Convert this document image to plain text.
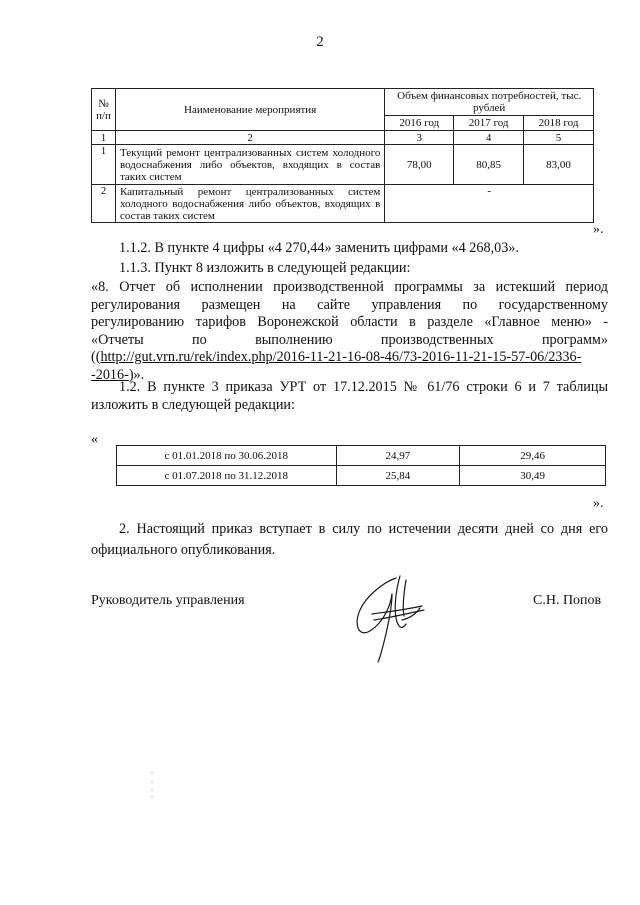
2
№ п/п	Наименование мероприятия	Объем финансовых потребностей, тыс. рублей		
		2016 год	2017 год	2018 год
1	2	3	4	5
1	Текущий ремонт централизованных систем холодного водоснабжения либо объектов, входящих в состав таких систем	78,00	80,85	83,00
2	Капитальный ремонт централизованных систем холодного водоснабжения либо объектов, входящих в состав таких систем	-		
».
1.1.2. В пункте 4 цифры «4 270,44» заменить цифрами «4 268,03».
1.1.3. Пункт 8 изложить в следующей редакции:
«8. Отчет об исполнении производственной программы за истекший период
регулирования размещен на сайте управления по государственному
регулированию тарифов Воронежской области в разделе «Главное меню» -
«Отчеты по выполнению производственных программ»
((http://gut.vrn.ru/rek/index.php/2016-11-21-16-08-46/73-2016-11-21-15-57-06/2336--2016-)».
1.2. В пункте 3 приказа УРТ от 17.12.2015 № 61/76 строки 6 и 7 таблицы
изложить в следующей редакции:
«
с 01.01.2018 по 30.06.2018	24,97	29,46
с 01.07.2018 по 31.12.2018	25,84	30,49
».
2. Настоящий приказ вступает в силу по истечении десяти дней со дня его
официального опубликования.
Руководитель управления	С.Н. Попов
